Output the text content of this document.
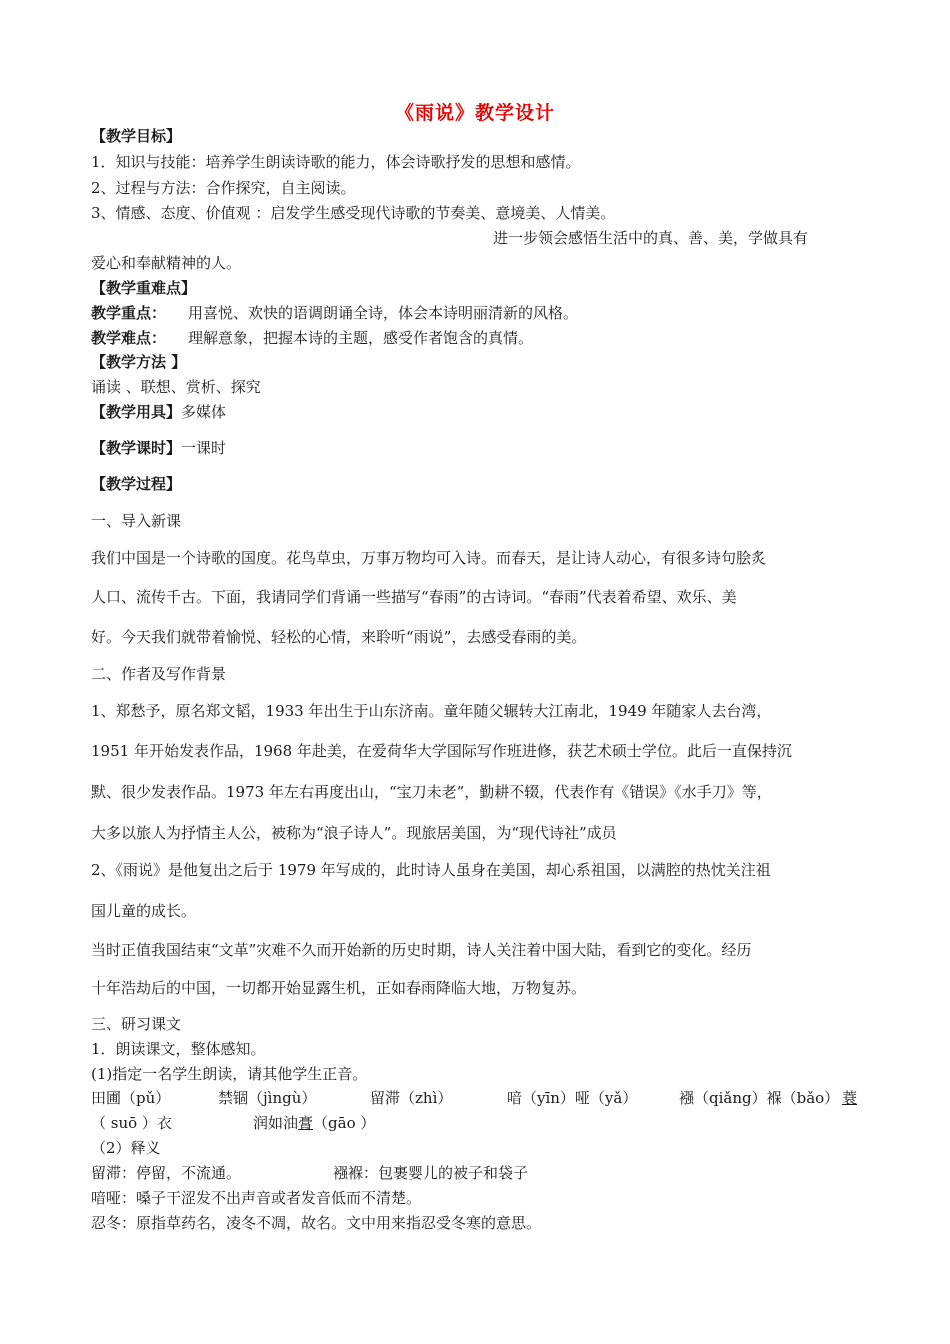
《雨说》教学设计
【教学目标】
1．知识与技能：培养学生朗读诗歌的能力，体会诗歌抒发的思想和感情。
2、过程与方法：合作探究，自主阅读。
3、情感、态度、价值观 ：启发学生感受现代诗歌的节奏美、意境美、人情美。
进一步领会感悟生活中的真、善、美，学做具有
爱心和奉献精神的人。
【教学重难点】
教学重点： 用喜悦、欢快的语调朗诵全诗，体会本诗明丽清新的风格。
教学难点： 理解意象，把握本诗的主题，感受作者饱含的真情。
【教学方法 】
诵读 、联想、赏析、探究
【教学用具】多媒体
【教学课时】一课时
【教学过程】
一、导入新课
我们中国是一个诗歌的国度。花鸟草虫，万事万物均可入诗。而春天，是让诗人动心，有很多诗句脍炙
人口、流传千古。下面，我请同学们背诵一些描写“春雨”的古诗词。“春雨”代表着希望、欢乐、美
好。今天我们就带着愉悦、轻松的心情，来聆听“雨说”，去感受春雨的美。
二、作者及写作背景
1、郑愁予，原名郑文韬，1933 年出生于山东济南。童年随父辗转大江南北，1949 年随家人去台湾，
1951 年开始发表作品，1968 年赴美，在爱荷华大学国际写作班进修，获艺术硕士学位。此后一直保持沉
默、很少发表作品。1973 年左右再度出山，“宝刀未老”，勤耕不辍，代表作有《错误》《水手刀》等，
大多以旅人为抒情主人公，被称为“浪子诗人”。现旅居美国，为“现代诗社”成员
2、《雨说》是他复出之后于 1979 年写成的，此时诗人虽身在美国，却心系祖国，以满腔的热忱关注祖
国儿童的成长。
当时正值我国结束“文革”灾难不久而开始新的历史时期，诗人关注着中国大陆，看到它的变化。经历
十年浩劫后的中国，一切都开始显露生机，正如春雨降临大地，万物复苏。
三、研习课文
1．朗读课文，整体感知。
(1)指定一名学生朗读，请其他学生正音。
田圃（pǔ）	禁锢（jìngù）	留滞（zhì）	喑（yīn）哑（yǎ）	襁（qiǎng）褓（bǎo） 蓑
（ suō ）衣	润如油膏（gāo ）
（2）释义
留滞：停留，不流通。	襁褓：包裹婴儿的被子和袋子
喑哑：嗓子干涩发不出声音或者发音低而不清楚。
忍冬：原指草药名，凌冬不凋，故名。文中用来指忍受冬寒的意思。
